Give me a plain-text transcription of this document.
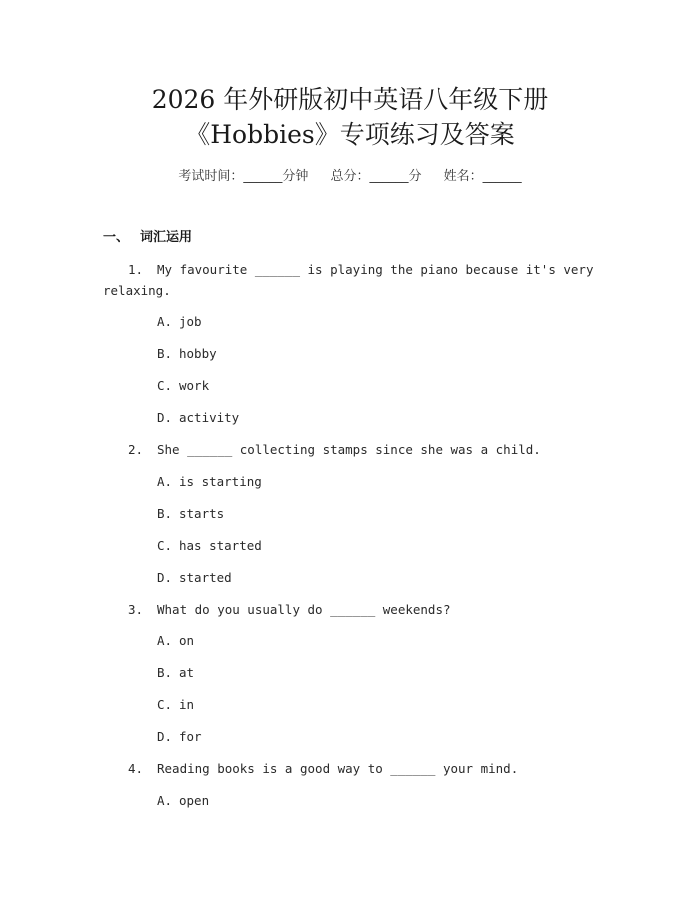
2026 年外研版初中英语八年级下册
《Hobbies》专项练习及答案
考试时间：______分钟 总分：______分 姓名：______
一、 词汇运用
1. My favourite ______ is playing the piano because it's very
relaxing.
A. job
B. hobby
C. work
D. activity
2. She ______ collecting stamps since she was a child.
A. is starting
B. starts
C. has started
D. started
3. What do you usually do ______ weekends?
A. on
B. at
C. in
D. for
4. Reading books is a good way to ______ your mind.
A. open
